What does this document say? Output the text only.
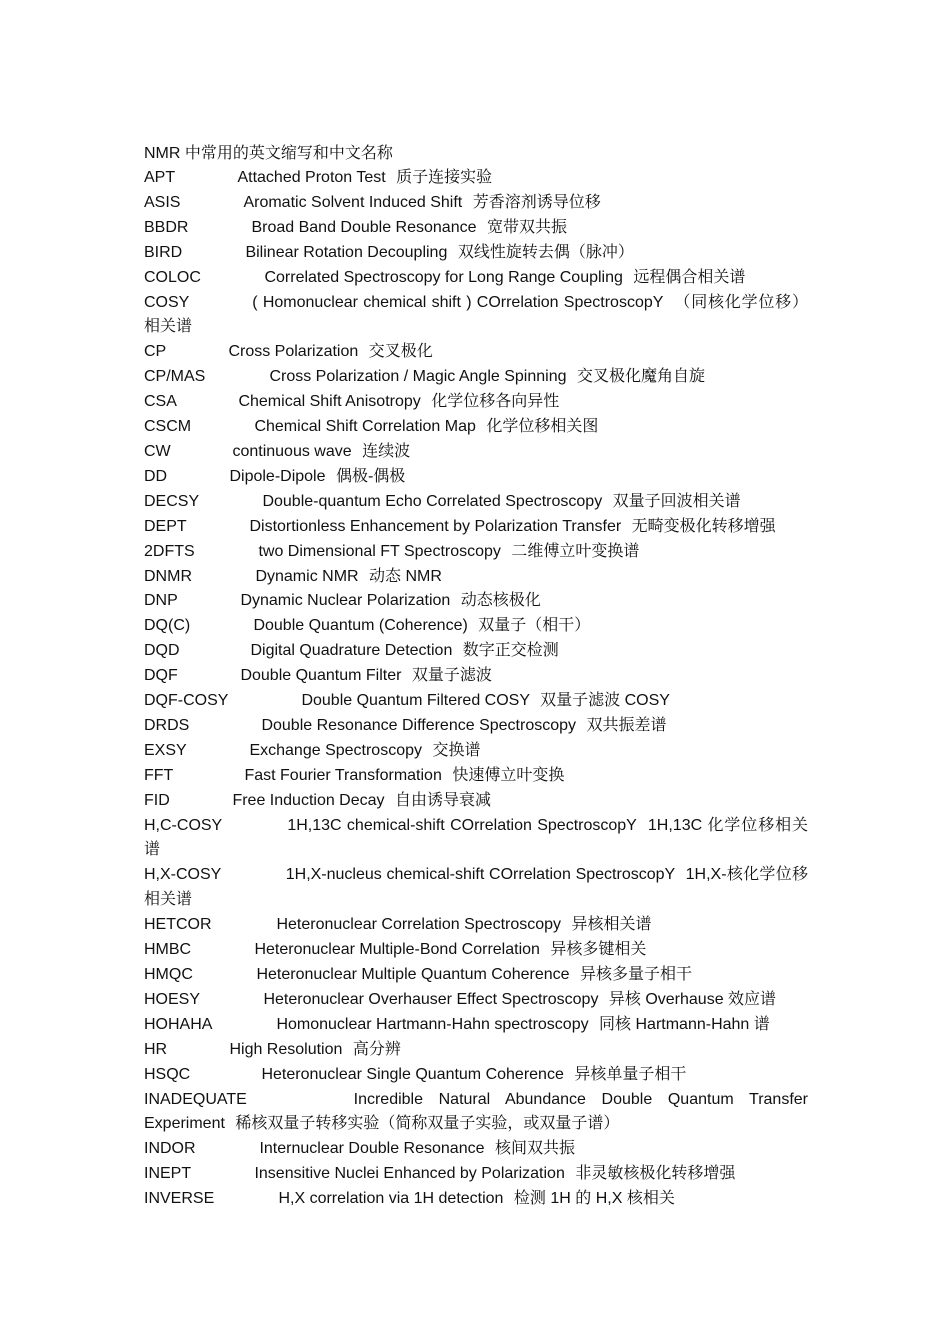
NMR 中常用的英文缩写和中文名称

APT	Attached Proton Test 质子连接实验

ASIS	Aromatic Solvent Induced Shift 芳香溶剂诱导位移

BBDR	Broad Band Double Resonance 宽带双共振

BIRD	Bilinear Rotation Decoupling 双线性旋转去偶（脉冲）

COLOC	Correlated Spectroscopy for Long Range Coupling 远程偶合相关谱

COSY	( Homonuclear chemical shift ) COrrelation SpectroscopY （同核化学位移）相关谱

CP	Cross Polarization 交叉极化

CP/MAS	Cross Polarization / Magic Angle Spinning 交叉极化魔角自旋

CSA	Chemical Shift Anisotropy 化学位移各向异性

CSCM	Chemical Shift Correlation Map 化学位移相关图

CW	continuous wave 连续波

DD	Dipole-Dipole 偶极-偶极

DECSY	Double-quantum Echo Correlated Spectroscopy 双量子回波相关谱

DEPT	Distortionless Enhancement by Polarization Transfer 无畸变极化转移增强

2DFTS	two Dimensional FT Spectroscopy 二维傅立叶变换谱

DNMR	Dynamic NMR 动态 NMR

DNP	Dynamic Nuclear Polarization 动态核极化

DQ(C)	Double Quantum (Coherence) 双量子（相干）

DQD	Digital Quadrature Detection 数字正交检测

DQF	Double Quantum Filter 双量子滤波

DQF-COSY	Double Quantum Filtered COSY 双量子滤波 COSY

DRDS	Double Resonance Difference Spectroscopy 双共振差谱

EXSY	Exchange Spectroscopy 交换谱

FFT	Fast Fourier Transformation 快速傅立叶变换

FID	Free Induction Decay 自由诱导衰减

H,C-COSY	1H,13C chemical-shift COrrelation SpectroscopY 1H,13C 化学位移相关谱

H,X-COSY	1H,X-nucleus chemical-shift COrrelation SpectroscopY 1H,X-核化学位移相关谱

HETCOR	Heteronuclear Correlation Spectroscopy 异核相关谱

HMBC	Heteronuclear Multiple-Bond Correlation 异核多键相关

HMQC	Heteronuclear Multiple Quantum Coherence 异核多量子相干

HOESY	Heteronuclear Overhauser Effect Spectroscopy 异核 Overhause 效应谱

HOHAHA	Homonuclear Hartmann-Hahn spectroscopy 同核 Hartmann-Hahn 谱

HR	High Resolution 高分辨

HSQC	Heteronuclear Single Quantum Coherence 异核单量子相干

INADEQUATE	Incredible Natural Abundance Double Quantum Transfer Experiment 稀核双量子转移实验（简称双量子实验，或双量子谱）

INDOR	Internuclear Double Resonance 核间双共振

INEPT	Insensitive Nuclei Enhanced by Polarization 非灵敏核极化转移增强

INVERSE	H,X correlation via 1H detection 检测 1H 的 H,X 核相关
